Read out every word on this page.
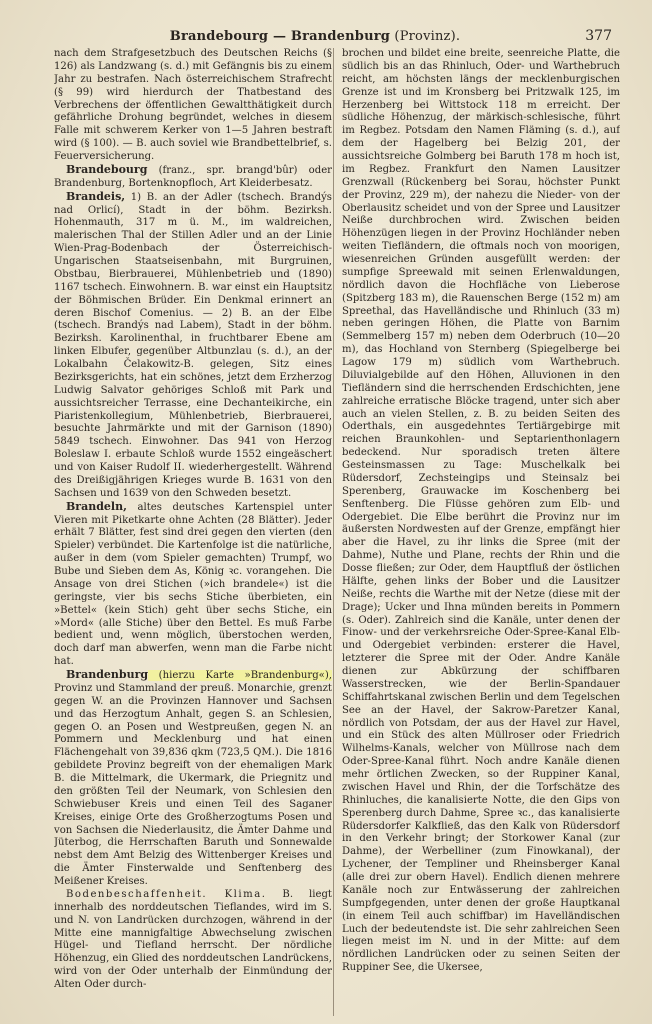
Brandebourg — Brandenburg (Provinz).	377

nach dem Strafgesetzbuch des Deutschen Reichs (§ 126) als Landzwang (s. d.) mit Gefängnis bis zu einem Jahr zu bestrafen. Nach österreichischem Strafrecht (§ 99) wird hierdurch der Thatbestand des Verbrechens der öffentlichen Gewaltthätigkeit durch gefährliche Drohung begründet, welches in diesem Falle mit schwerem Kerker von 1—5 Jahren bestraft wird (§ 100). — B. auch soviel wie Brandbettelbrief, s. Feuerversicherung.

Brandebourg (franz., spr. brangd'bûr) oder Brandenburg, Bortenknopfloch, Art Kleiderbesatz.

Brandeis, 1) B. an der Adler (tschech. Brandýs nad Orlicí), Stadt in der böhm. Bezirksh. Hohenmauth, 317 m ü. M., im waldreichen, malerischen Thal der Stillen Adler und an der Linie Wien-Prag-Bodenbach der Österreichisch-Ungarischen Staatseisenbahn, mit Burgruinen, Obstbau, Bierbrauerei, Mühlenbetrieb und (1890) 1167 tschech. Einwohnern. B. war einst ein Hauptsitz der Böhmischen Brüder. Ein Denkmal erinnert an deren Bischof Comenius. — 2) B. an der Elbe (tschech. Brandýs nad Labem), Stadt in der böhm. Bezirksh. Karolinenthal, in fruchtbarer Ebene am linken Elbufer, gegenüber Altbunzlau (s. d.), an der Lokalbahn Čelakowitz-B. gelegen, Sitz eines Bezirksgerichts, hat ein schönes, jetzt dem Erzherzog Ludwig Salvator gehöriges Schloß mit Park und aussichtsreicher Terrasse, eine Dechanteikirche, ein Piaristenkollegium, Mühlenbetrieb, Bierbrauerei, besuchte Jahrmärkte und mit der Garnison (1890) 5849 tschech. Einwohner. Das 941 von Herzog Boleslaw I. erbaute Schloß wurde 1552 eingeäschert und von Kaiser Rudolf II. wiederhergestellt. Während des Dreißigjährigen Krieges wurde B. 1631 von den Sachsen und 1639 von den Schweden besetzt.

Brandeln, altes deutsches Kartenspiel unter Vieren mit Piketkarte ohne Achten (28 Blätter). Jeder erhält 7 Blätter, fest sind drei gegen den vierten (den Spieler) verbündet. Die Kartenfolge ist die natürliche, außer in dem (vom Spieler gemachten) Trumpf, wo Bube und Sieben dem As, König ꝛc. vorangehen. Die Ansage von drei Stichen (»ich brandele«) ist die geringste, vier bis sechs Stiche überbieten, ein »Bettel« (kein Stich) geht über sechs Stiche, ein »Mord« (alle Stiche) über den Bettel. Es muß Farbe bedient und, wenn möglich, überstochen werden, doch darf man abwerfen, wenn man die Farbe nicht hat.

Brandenburg (hierzu Karte »Brandenburg«), Provinz und Stammland der preuß. Monarchie, grenzt gegen W. an die Provinzen Hannover und Sachsen und das Herzogtum Anhalt, gegen S. an Schlesien, gegen O. an Posen und Westpreußen, gegen N. an Pommern und Mecklenburg und hat einen Flächengehalt von 39,836 qkm (723,5 QM.). Die 1816 gebildete Provinz begreift von der ehemaligen Mark B. die Mittelmark, die Ukermark, die Priegnitz und den größten Teil der Neumark, von Schlesien den Schwiebuser Kreis und einen Teil des Saganer Kreises, einige Orte des Großherzogtums Posen und von Sachsen die Niederlausitz, die Ämter Dahme und Jüterbog, die Herrschaften Baruth und Sonnewalde nebst dem Amt Belzig des Wittenberger Kreises und die Ämter Finsterwalde und Senftenberg des Meißener Kreises.

Bodenbeschaffenheit. Klima. B. liegt innerhalb des norddeutschen Tieflandes, wird im S. und N. von Landrücken durchzogen, während in der Mitte eine mannigfaltige Abwechselung zwischen Hügel- und Tiefland herrscht. Der nördliche Höhenzug, ein Glied des norddeutschen Landrückens, wird von der Oder unterhalb der Einmündung der Alten Oder durch-

brochen und bildet eine breite, seenreiche Platte, die südlich bis an das Rhinluch, Oder- und Warthebruch reicht, am höchsten längs der mecklenburgischen Grenze ist und im Kronsberg bei Pritzwalk 125, im Herzenberg bei Wittstock 118 m erreicht. Der südliche Höhenzug, der märkisch-schlesische, führt im Regbez. Potsdam den Namen Fläming (s. d.), auf dem der Hagelberg bei Belzig 201, der aussichtsreiche Golmberg bei Baruth 178 m hoch ist, im Regbez. Frankfurt den Namen Lausitzer Grenzwall (Rückenberg bei Sorau, höchster Punkt der Provinz, 229 m), der nahezu die Nieder- von der Oberlausitz scheidet und von der Spree und Lausitzer Neiße durchbrochen wird. Zwischen beiden Höhenzügen liegen in der Provinz Hochländer neben weiten Tiefländern, die oftmals noch von moorigen, wiesenreichen Gründen ausgefüllt werden: der sumpfige Spreewald mit seinen Erlenwaldungen, nördlich davon die Hochfläche von Lieberose (Spitzberg 183 m), die Rauenschen Berge (152 m) am Spreethal, das Havelländische und Rhinluch (33 m) neben geringen Höhen, die Platte von Barnim (Semmelberg 157 m) neben dem Oderbruch (10—20 m), das Hochland von Sternberg (Spiegelberge bei Lagow 179 m) südlich vom Warthebruch. Diluvialgebilde auf den Höhen, Alluvionen in den Tiefländern sind die herrschenden Erdschichten, jene zahlreiche erratische Blöcke tragend, unter sich aber auch an vielen Stellen, z. B. zu beiden Seiten des Oderthals, ein ausgedehntes Tertiärgebirge mit reichen Braunkohlen- und Septarienthonlagern bedeckend. Nur sporadisch treten ältere Gesteinsmassen zu Tage: Muschelkalk bei Rüdersdorf, Zechsteingips und Steinsalz bei Sperenberg, Grauwacke im Koschenberg bei Senftenberg. Die Flüsse gehören zum Elb- und Odergebiet. Die Elbe berührt die Provinz nur im äußersten Nordwesten auf der Grenze, empfängt hier aber die Havel, zu ihr links die Spree (mit der Dahme), Nuthe und Plane, rechts der Rhin und die Dosse fließen; zur Oder, dem Hauptfluß der östlichen Hälfte, gehen links der Bober und die Lausitzer Neiße, rechts die Warthe mit der Netze (diese mit der Drage); Ucker und Ihna münden bereits in Pommern (s. Oder). Zahlreich sind die Kanäle, unter denen der Finow- und der verkehrsreiche Oder-Spree-Kanal Elb- und Odergebiet verbinden: ersterer die Havel, letzterer die Spree mit der Oder. Andre Kanäle dienen zur Abkürzung der schiffbaren Wasserstrecken, wie der Berlin-Spandauer Schiffahrtskanal zwischen Berlin und dem Tegelschen See an der Havel, der Sakrow-Paretzer Kanal, nördlich von Potsdam, der aus der Havel zur Havel, und ein Stück des alten Müllroser oder Friedrich Wilhelms-Kanals, welcher von Müllrose nach dem Oder-Spree-Kanal führt. Noch andre Kanäle dienen mehr örtlichen Zwecken, so der Ruppiner Kanal, zwischen Havel und Rhin, der die Torfschätze des Rhinluches, die kanalisierte Notte, die den Gips von Sperenberg durch Dahme, Spree ꝛc., das kanalisierte Rüdersdorfer Kalkfließ, das den Kalk von Rüdersdorf in den Verkehr bringt; der Storkower Kanal (zur Dahme), der Werbelliner (zum Finowkanal), der Lychener, der Templiner und Rheinsberger Kanal (alle drei zur obern Havel). Endlich dienen mehrere Kanäle noch zur Entwässerung der zahlreichen Sumpfgegenden, unter denen der große Hauptkanal (in einem Teil auch schiffbar) im Havelländischen Luch der bedeutendste ist. Die sehr zahlreichen Seen liegen meist im N. und in der Mitte: auf dem nördlichen Landrücken oder zu seinen Seiten der Ruppiner See, die Ukersee,
